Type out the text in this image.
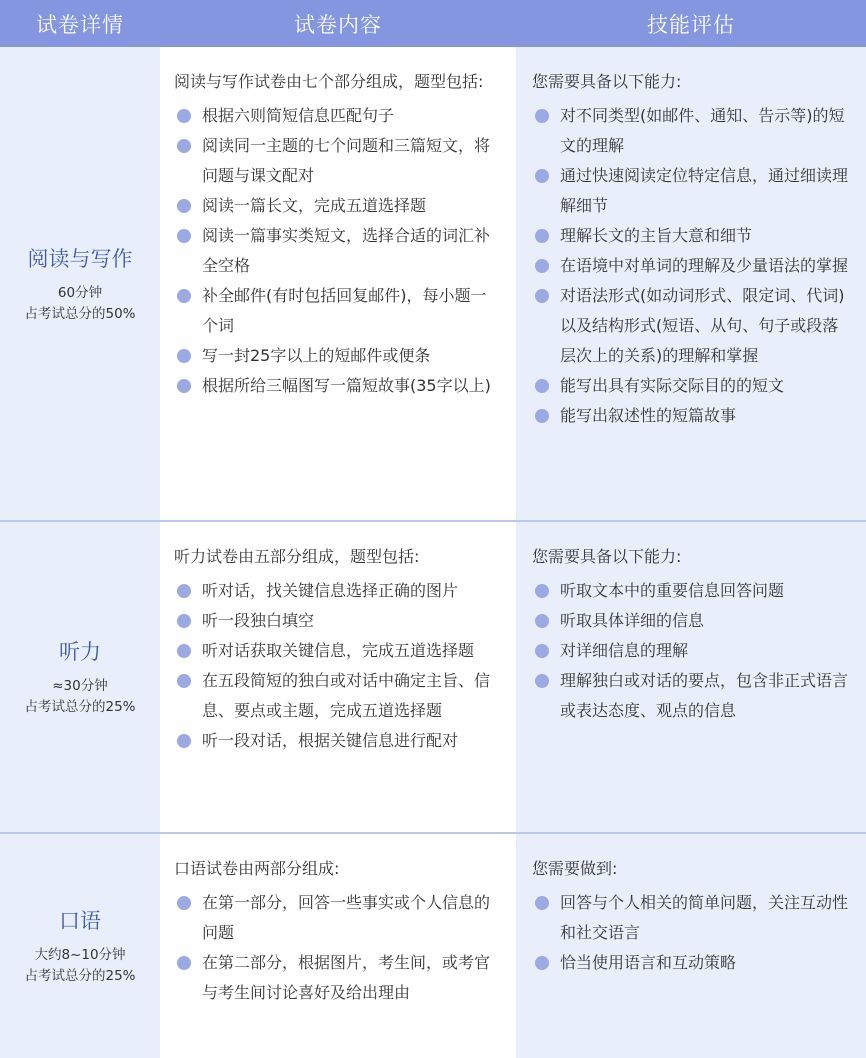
试卷详情	试卷内容	技能评估
阅读与写作
60分钟
占考试总分的50%

阅读与写作试卷由七个部分组成，题型包括:

根据六则简短信息匹配句子
阅读同一主题的七个问题和三篇短文，将问题与课文配对
阅读一篇长文，完成五道选择题
阅读一篇事实类短文，选择合适的词汇补全空格
补全邮件(有时包括回复邮件)，每小题一个词
写一封25字以上的短邮件或便条
根据所给三幅图写一篇短故事(35字以上)

您需要具备以下能力:

对不同类型(如邮件、通知、告示等)的短文的理解
通过快速阅读定位特定信息，通过细读理解细节
理解长文的主旨大意和细节
在语境中对单词的理解及少量语法的掌握
对语法形式(如动词形式、限定词、代词)以及结构形式(短语、从句、句子或段落层次上的关系)的理解和掌握
能写出具有实际交际目的的短文
能写出叙述性的短篇故事
听力
≈30分钟
占考试总分的25%

听力试卷由五部分组成，题型包括:

听对话，找关键信息选择正确的图片
听一段独白填空
听对话获取关键信息，完成五道选择题
在五段简短的独白或对话中确定主旨、信息、要点或主题，完成五道选择题
听一段对话，根据关键信息进行配对

您需要具备以下能力:

听取文本中的重要信息回答问题
听取具体详细的信息
对详细信息的理解
理解独白或对话的要点，包含非正式语言或表达态度、观点的信息
口语
大约8~10分钟
占考试总分的25%

口语试卷由两部分组成:

在第一部分，回答一些事实或个人信息的问题
在第二部分，根据图片，考生间，或考官与考生间讨论喜好及给出理由

您需要做到:

回答与个人相关的简单问题，关注互动性和社交语言
恰当使用语言和互动策略
